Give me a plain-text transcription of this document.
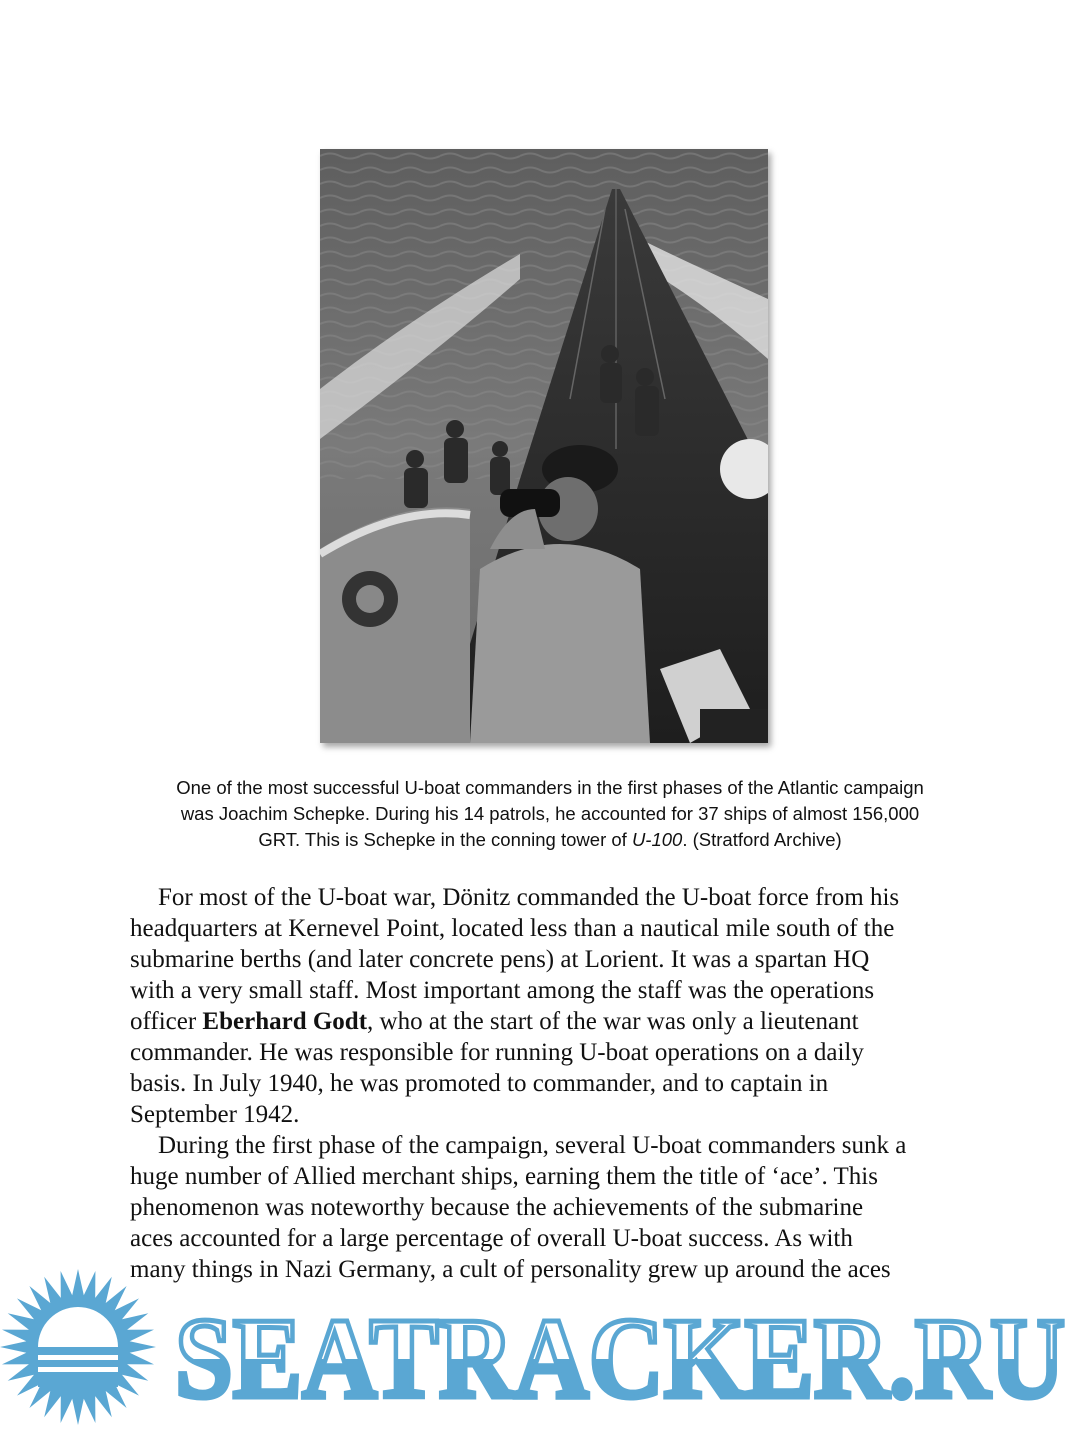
One of the most successful U-boat commanders in the first phases of the Atlantic campaign
was Joachim Schepke. During his 14 patrols, he accounted for 37 ships of almost 156,000
GRT. This is Schepke in the conning tower of U-100. (Stratford Archive)
For most of the U-boat war, Dönitz commanded the U-boat force from his
headquarters at Kernevel Point, located less than a nautical mile south of the
submarine berths (and later concrete pens) at Lorient. It was a spartan HQ
with a very small staff. Most important among the staff was the operations
officer Eberhard Godt, who at the start of the war was only a lieutenant
commander. He was responsible for running U-boat operations on a daily
basis. In July 1940, he was promoted to commander, and to captain in
September 1942.
During the first phase of the campaign, several U-boat commanders sunk a
huge number of Allied merchant ships, earning them the title of ‘ace’. This
phenomenon was noteworthy because the achievements of the submarine
aces accounted for a large percentage of overall U-boat success. As with
many things in Nazi Germany, a cult of personality grew up around the aces
SEATRACKER.RU
